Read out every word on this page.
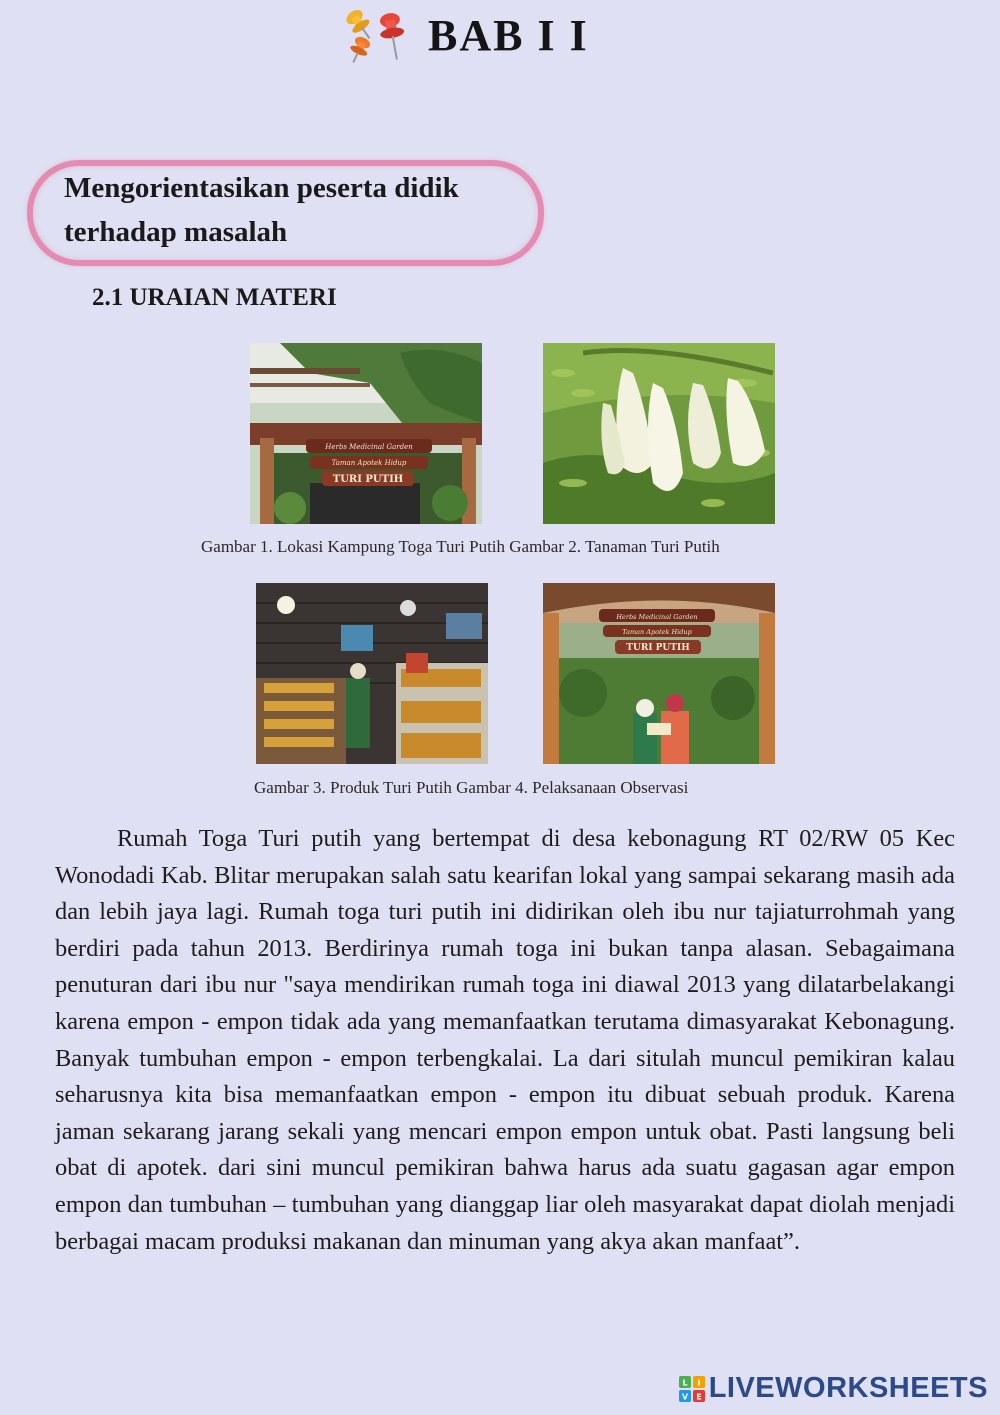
BAB I I
Mengorientasikan peserta didik terhadap masalah
2.1 URAIAN MATERI
Herbs Medicinal Garden
Taman Apotek Hidup
TURI PUTIH
Gambar 1. Lokasi Kampung Toga Turi Putih Gambar 2. Tanaman Turi Putih
Herbs Medicinal Garden
Taman Apotek Hidup
TURI PUTIH
Gambar 3. Produk Turi Putih Gambar 4. Pelaksanaan Observasi
Rumah Toga Turi putih yang bertempat di desa kebonagung RT 02/RW 05 Kec Wonodadi Kab. Blitar merupakan salah satu kearifan lokal yang sampai sekarang masih ada dan lebih jaya lagi. Rumah toga turi putih ini didirikan oleh ibu nur tajiaturrohmah yang berdiri pada tahun 2013. Berdirinya rumah toga ini bukan tanpa alasan. Sebagaimana penuturan dari ibu nur "saya mendirikan rumah toga ini diawal 2013 yang dilatarbelakangi karena empon - empon tidak ada yang memanfaatkan terutama dimasyarakat Kebonagung. Banyak tumbuhan empon - empon terbengkalai. La dari situlah muncul pemikiran kalau seharusnya kita bisa memanfaatkan empon - empon itu dibuat sebuah produk. Karena jaman sekarang jarang sekali yang mencari empon empon untuk obat. Pasti langsung beli obat di apotek. dari sini muncul pemikiran bahwa harus ada suatu gagasan agar empon empon dan tumbuhan – tumbuhan yang dianggap liar oleh masyarakat dapat diolah menjadi berbagai macam produksi makanan dan minuman yang akya akan manfaat”.
L I
V E LIVEWORKSHEETS
